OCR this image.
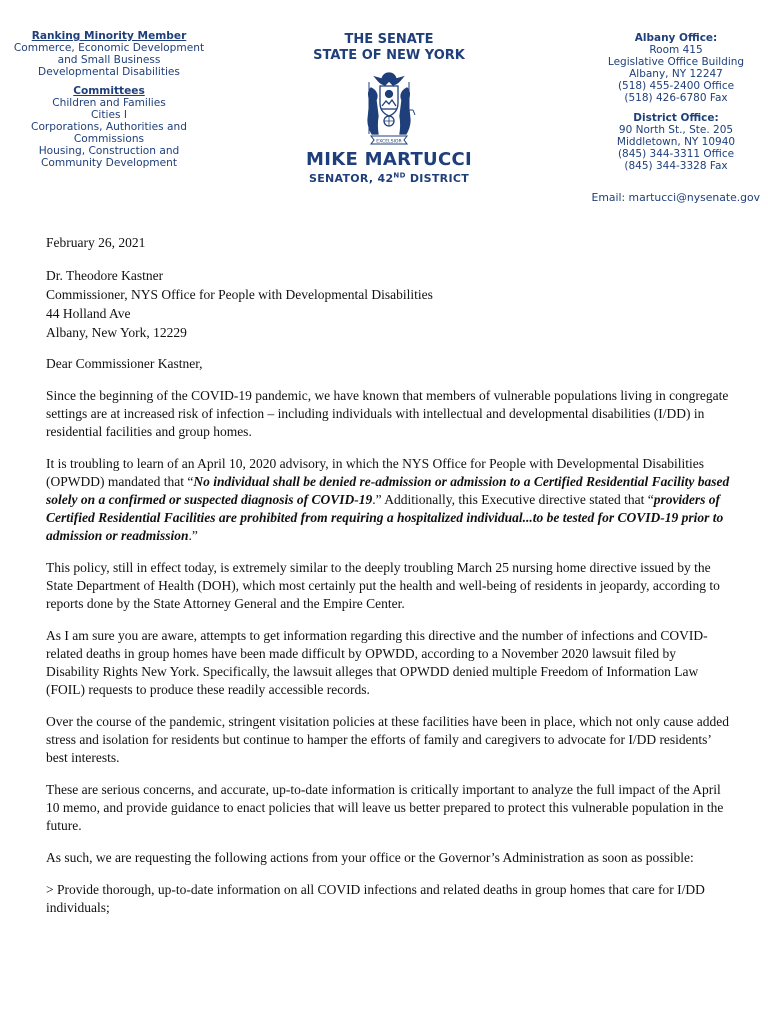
Ranking Minority Member
Commerce, Economic Development
and Small Business
Developmental Disabilities
Committees
Children and Families
Cities I
Corporations, Authorities and
Commissions
Housing, Construction and
Community Development
THE SENATE
STATE OF NEW YORK
EXCELSIOR
MIKE MARTUCCI
SENATOR, 42ND DISTRICT
Albany Office:
Room 415
Legislative Office Building
Albany, NY 12247
(518) 455-2400 Office
(518) 426-6780 Fax
District Office:
90 North St., Ste. 205
Middletown, NY 10940
(845) 344-3311 Office
(845) 344-3328 Fax
Email: martucci@nysenate.gov

February 26, 2021

Dr. Theodore Kastner
Commissioner, NYS Office for People with Developmental Disabilities
44 Holland Ave
Albany, New York, 12229

Dear Commissioner Kastner,

Since the beginning of the COVID-19 pandemic, we have known that members of vulnerable populations living in congregate settings are at increased risk of infection – including individuals with intellectual and developmental disabilities (I/DD) in residential facilities and group homes.

It is troubling to learn of an April 10, 2020 advisory, in which the NYS Office for People with Developmental Disabilities (OPWDD) mandated that “No individual shall be denied re-admission or admission to a Certified Residential Facility based solely on a confirmed or suspected diagnosis of COVID-19.” Additionally, this Executive directive stated that “providers of Certified Residential Facilities are prohibited from requiring a hospitalized individual...to be tested for COVID-19 prior to admission or readmission.”

This policy, still in effect today, is extremely similar to the deeply troubling March 25 nursing home directive issued by the State Department of Health (DOH), which most certainly put the health and well-being of residents in jeopardy, according to reports done by the State Attorney General and the Empire Center.

As I am sure you are aware, attempts to get information regarding this directive and the number of infections and COVID-related deaths in group homes have been made difficult by OPWDD, according to a November 2020 lawsuit filed by Disability Rights New York. Specifically, the lawsuit alleges that OPWDD denied multiple Freedom of Information Law (FOIL) requests to produce these readily accessible records.

Over the course of the pandemic, stringent visitation policies at these facilities have been in place, which not only cause added stress and isolation for residents but continue to hamper the efforts of family and caregivers to advocate for I/DD residents’ best interests.

These are serious concerns, and accurate, up-to-date information is critically important to analyze the full impact of the April 10 memo, and provide guidance to enact policies that will leave us better prepared to protect this vulnerable population in the future.

As such, we are requesting the following actions from your office or the Governor’s Administration as soon as possible:

> Provide thorough, up-to-date information on all COVID infections and related deaths in group homes that care for I/DD individuals;
